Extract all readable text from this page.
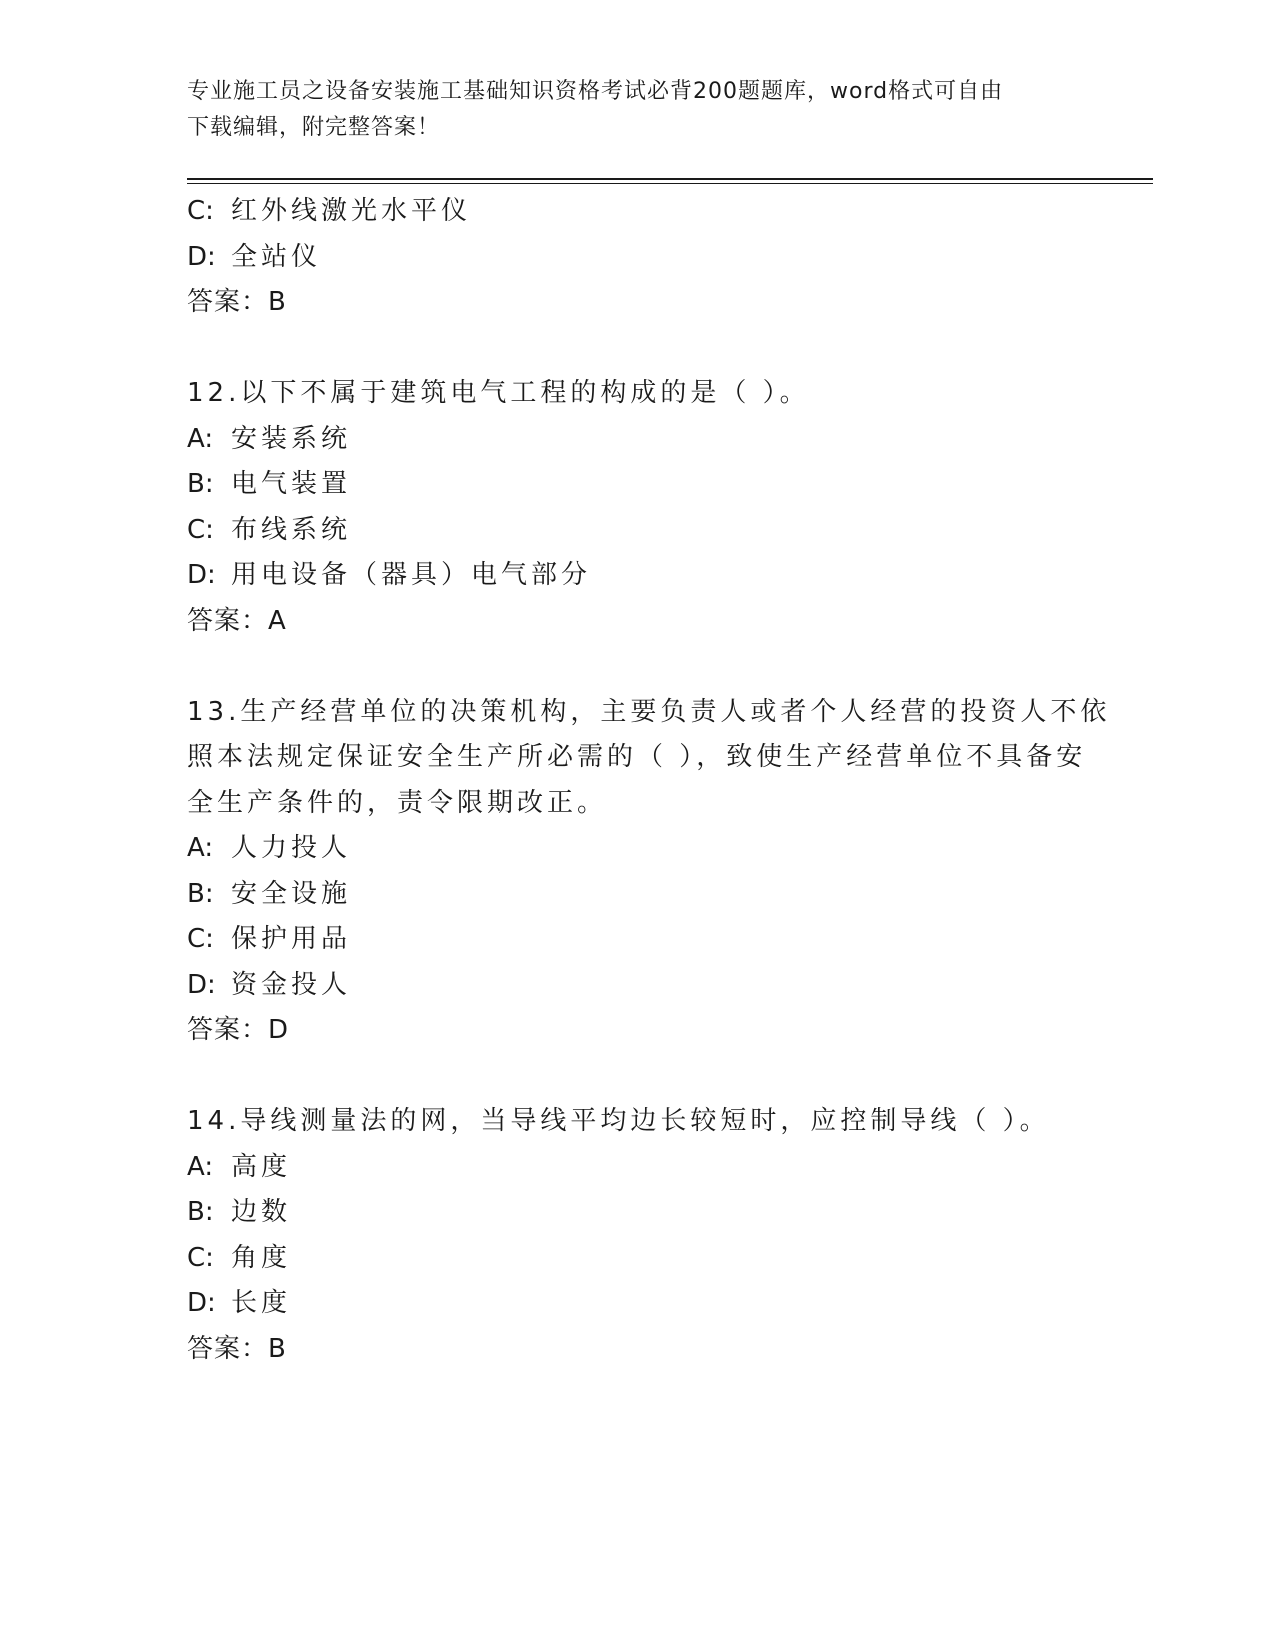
专业施工员之设备安装施工基础知识资格考试必背200题题库，word格式可自由
下载编辑，附完整答案！
C: 红外线激光水平仪
D: 全站仪
答案：B
12.以下不属于建筑电气工程的构成的是（ ）。
A: 安装系统
B: 电气装置
C: 布线系统
D: 用电设备（器具）电气部分
答案：A
13.生产经营单位的决策机构，主要负责人或者个人经营的投资人不依
照本法规定保证安全生产所必需的（ ），致使生产经营单位不具备安
全生产条件的，责令限期改正。
A: 人力投人
B: 安全设施
C: 保护用品
D: 资金投人
答案：D
14.导线测量法的网，当导线平均边长较短时，应控制导线（ ）。
A: 高度
B: 边数
C: 角度
D: 长度
答案：B
